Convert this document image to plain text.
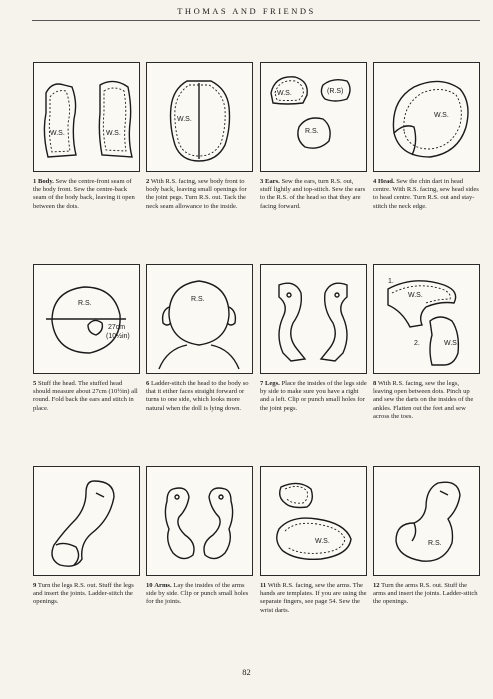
THOMAS AND FRIENDS
W.S.	W.S.
1 Body. Sew the centre-front seam of the body front. Sew the centre-back seam of the body back, leaving it open between the dots.
W.S.
2 With R.S. facing, sew body front to body back, leaving small openings for the joint pegs. Turn R.S. out. Tack the neck seam allowance to the inside.
W.S.	(R.S)
R.S.
3 Ears. Sew the ears, turn R.S. out, stuff lightly and top-stitch. Sew the ears to the R.S. of the head so that they are facing forward.
W.S.
4 Head. Sew the chin dart in head centre. With R.S. facing, sew head sides to head centre. Turn R.S. out and stay-stitch the neck edge.
R.S.
27cm
(10½in)
5 Stuff the head. The stuffed head should measure about 27cm (10½in) all round. Fold back the ears and stitch in place.
R.S.
6 Ladder-stitch the head to the body so that it either faces straight forward or turns to one side, which looks more natural when the doll is lying down.
7 Legs. Place the insides of the legs side by side to make sure you have a right and a left. Clip or punch small holes for the joint pegs.
1.
W.S.
2.	W.S.
8 With R.S. facing, sew the legs, leaving open between dots. Pinch up and sew the darts on the insides of the ankles. Flatten out the feet and sew across the toes.
9 Turn the legs R.S. out. Stuff the legs and insert the joints. Ladder-stitch the openings.
10 Arms. Lay the insides of the arms side by side. Clip or punch small holes for the joints.
W.S.
11 With R.S. facing, sew the arms. The hands are templates. If you are using the separate fingers, see page 54. Sew the wrist darts.
R.S.
12 Turn the arms R.S. out. Stuff the arms and insert the joints. Ladder-stitch the openings.
82
